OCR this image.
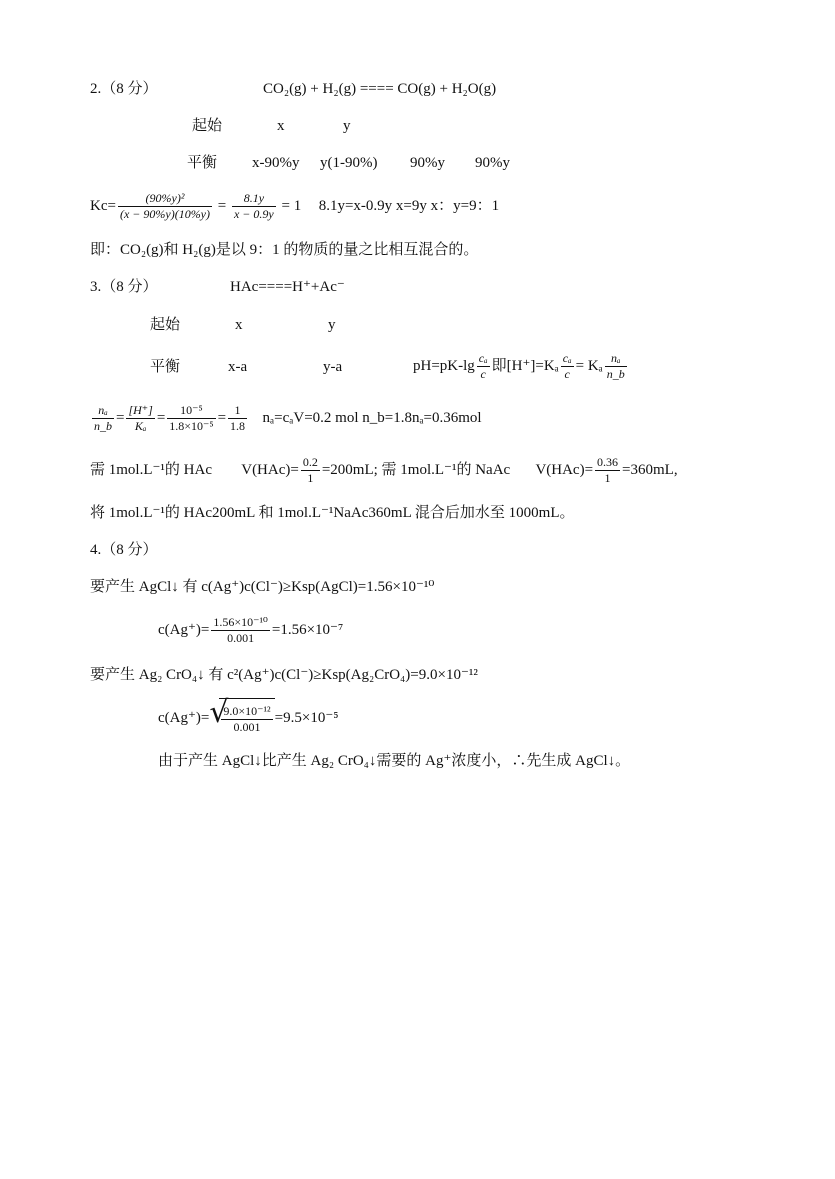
2.（8 分）	CO₂(g) + H₂(g) ==== CO(g) + H₂O(g)
起始	x	y
平衡 x-90%y y(1-90%) 90%y 90%y
$Kc= \frac{\text{(90\%y)²}}{(x - 90\%y)(10\%y)} = \frac{8.1y}{x - 0.9y} = 1$ 8.1y=x-0.9y x=9y x：y=9：1
即：CO₂(g)和 H₂(g)是以 9：1 的物质的量之比相互混合的。
3.（8 分）	HAc====H⁺+Ac⁻
起始	x	y
平衡	x-a	y-a	$pH=pK-\lg \frac{\text{cₐ}}{c}$ 即$[H^+]=K_a \frac{\text{cₐ}}{c} = K_a \frac{\text{nₐ}}{n\_b}$
$\frac{\text{nₐ}}{n\_b} = \frac{[H^+]}{\text{Kₐ}} = \frac{\text{10⁻⁵}}{\text{1.8×10⁻⁵}} = \frac{1}{1.8} n_a=c_aV=0.2$ mol n_b=1.8nₐ=0.36mol
需 1mol.L⁻¹的 HAc $V(HAc)= \frac{0.2}{1} =200mL$; 需 1mol.L⁻¹的 NaAc $V(HAc)= \frac{0.36}{1} =360mL$,
将 1mol.L⁻¹的 HAc200mL 和 1mol.L⁻¹NaAc360mL 混合后加水至 1000mL。
4.（8 分）
要产生 AgCl↓ 有 c(Ag⁺)c(Cl⁻)≥Ksp(AgCl)=1.56×10⁻¹⁰
$c(Ag^+)= \frac{\text{1.56×10⁻¹⁰}}{0.001} =1.56\times 10^{-7}$
要产生 Ag₂ CrO₄↓ 有 c²(Ag⁺)c(Cl⁻)≥Ksp(Ag₂CrO₄)=9.0×10⁻¹²
c(Ag⁺)= √
$\frac{\text{9.0×10⁻¹²}}{0.001} =9.5\times 10^{-5}$
由于产生 AgCl↓比产生 Ag₂ CrO₄↓需要的 Ag⁺浓度小，∴先生成 AgCl↓。
